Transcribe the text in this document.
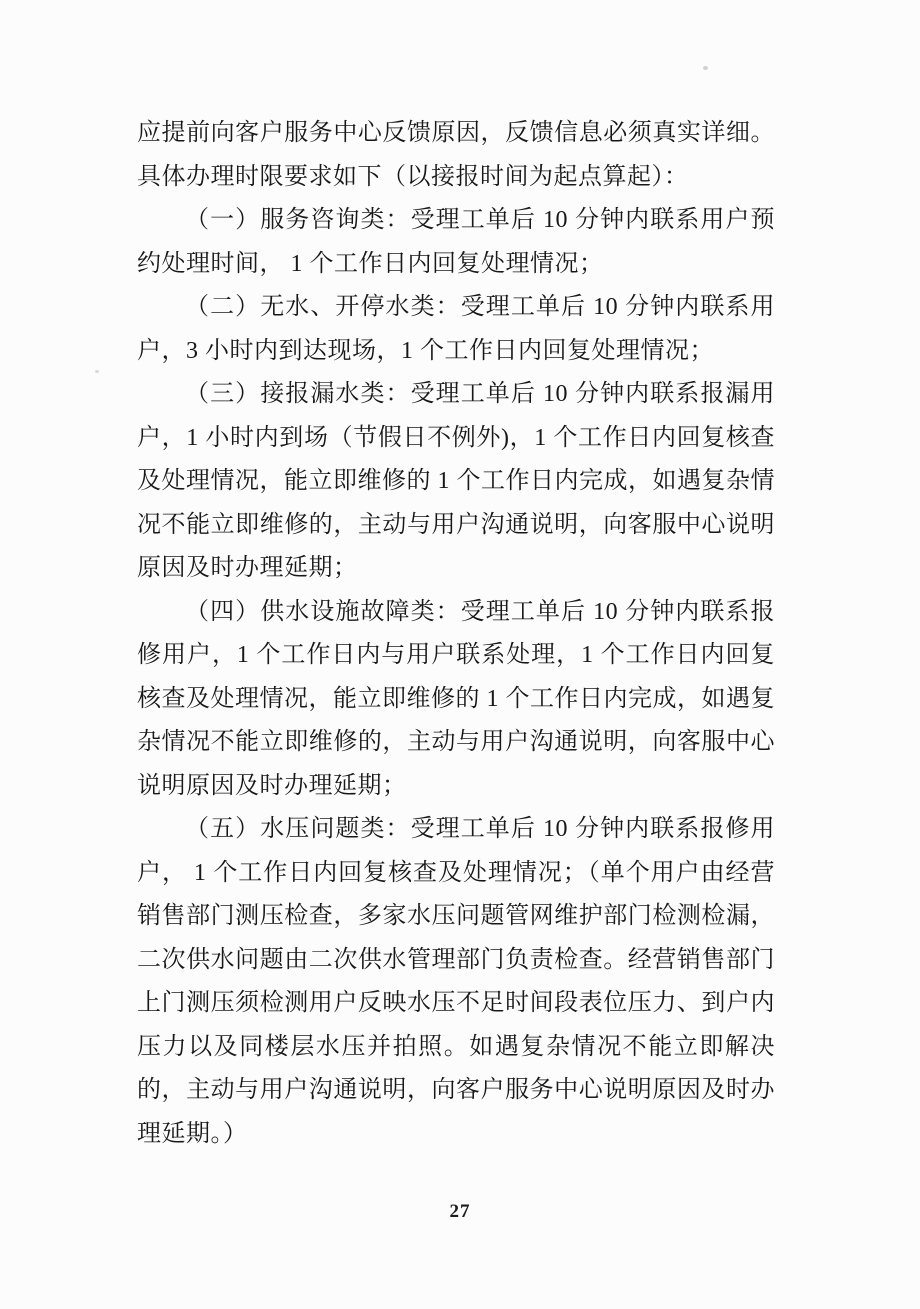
应提前向客户服务中心反馈原因，反馈信息必须真实详细。
具体办理时限要求如下（以接报时间为起点算起）：

（一）服务咨询类：受理工单后 10 分钟内联系用户预
约处理时间， 1 个工作日内回复处理情况；

（二）无水、开停水类：受理工单后 10 分钟内联系用
户，3 小时内到达现场，1 个工作日内回复处理情况；

（三）接报漏水类：受理工单后 10 分钟内联系报漏用
户，1 小时内到场（节假日不例外)，1 个工作日内回复核查
及处理情况，能立即维修的 1 个工作日内完成，如遇复杂情
况不能立即维修的，主动与用户沟通说明，向客服中心说明
原因及时办理延期；

（四）供水设施故障类：受理工单后 10 分钟内联系报
修用户，1 个工作日内与用户联系处理，1 个工作日内回复
核查及处理情况，能立即维修的 1 个工作日内完成，如遇复
杂情况不能立即维修的，主动与用户沟通说明，向客服中心
说明原因及时办理延期；

（五）水压问题类：受理工单后 10 分钟内联系报修用
户， 1 个工作日内回复核查及处理情况；（单个用户由经营
销售部门测压检查，多家水压问题管网维护部门检测检漏，
二次供水问题由二次供水管理部门负责检查。经营销售部门
上门测压须检测用户反映水压不足时间段表位压力、到户内
压力以及同楼层水压并拍照。如遇复杂情况不能立即解决
的，主动与用户沟通说明，向客户服务中心说明原因及时办
理延期。）

27
